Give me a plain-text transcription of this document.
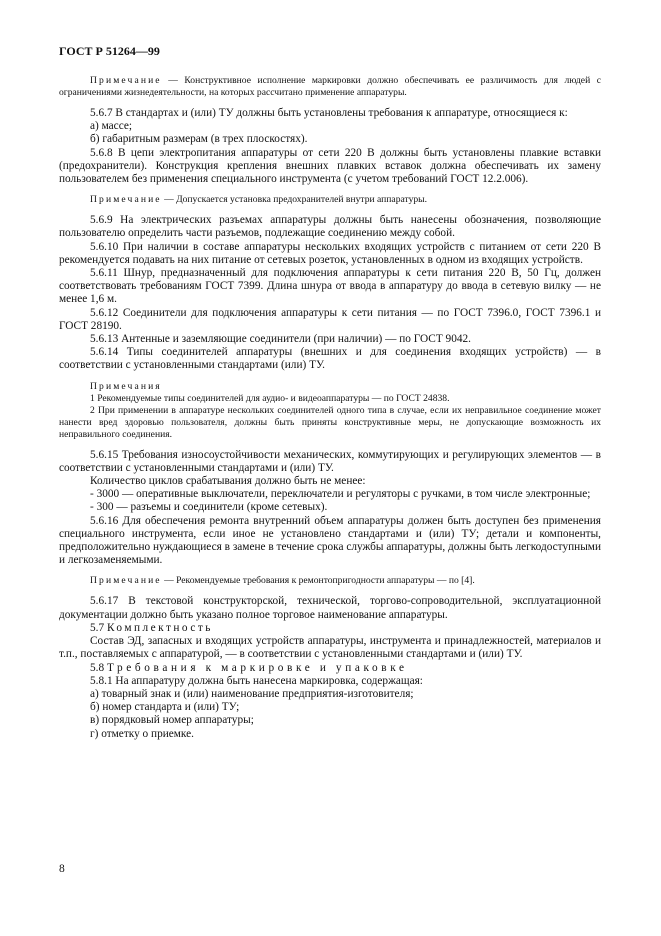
ГОСТ Р 51264—99

Примечание — Конструктивное исполнение маркировки должно обеспечивать ее различимость для людей с ограничениями жизнедеятельности, на которых рассчитано применение аппаратуры.

5.6.7 В стандартах и (или) ТУ должны быть установлены требования к аппаратуре, относящиеся к:

а) массе;

б) габаритным размерам (в трех плоскостях).

5.6.8 В цепи электропитания аппаратуры от сети 220 В должны быть установлены плавкие вставки (предохранители). Конструкция крепления внешних плавких вставок должна обеспечивать их замену пользователем без применения специального инструмента (с учетом требований ГОСТ 12.2.006).

Примечание — Допускается установка предохранителей внутри аппаратуры.

5.6.9 На электрических разъемах аппаратуры должны быть нанесены обозначения, позволяющие пользователю определить части разъемов, подлежащие соединению между собой.

5.6.10 При наличии в составе аппаратуры нескольких входящих устройств с питанием от сети 220 В рекомендуется подавать на них питание от сетевых розеток, установленных в одном из входящих устройств.

5.6.11 Шнур, предназначенный для подключения аппаратуры к сети питания 220 В, 50 Гц, должен соответствовать требованиям ГОСТ 7399. Длина шнура от ввода в аппаратуру до ввода в сетевую вилку — не менее 1,6 м.

5.6.12 Соединители для подключения аппаратуры к сети питания — по ГОСТ 7396.0, ГОСТ 7396.1 и ГОСТ 28190.

5.6.13 Антенные и заземляющие соединители (при наличии) — по ГОСТ 9042.

5.6.14 Типы соединителей аппаратуры (внешних и для соединения входящих устройств) — в соответствии с установленными стандартами (или) ТУ.

Примечания

1 Рекомендуемые типы соединителей для аудио- и видеоаппаратуры — по ГОСТ 24838.

2 При применении в аппаратуре нескольких соединителей одного типа в случае, если их неправильное соединение может нанести вред здоровью пользователя, должны быть приняты конструктивные меры, не допускающие возможность их неправильного соединения.

5.6.15 Требования износоустойчивости механических, коммутирующих и регулирующих элементов — в соответствии с установленными стандартами и (или) ТУ.

Количество циклов срабатывания должно быть не менее:

- 3000 — оперативные выключатели, переключатели и регуляторы с ручками, в том числе электронные;

- 300 — разъемы и соединители (кроме сетевых).

5.6.16 Для обеспечения ремонта внутренний объем аппаратуры должен быть доступен без применения специального инструмента, если иное не установлено стандартами и (или) ТУ; детали и компоненты, предположительно нуждающиеся в замене в течение срока службы аппаратуры, должны быть легкодоступными и легкозаменяемыми.

Примечание — Рекомендуемые требования к ремонтопригодности аппаратуры — по [4].

5.6.17 В текстовой конструкторской, технической, торгово-сопроводительной, эксплуатационной документации должно быть указано полное торговое наименование аппаратуры.

5.7 Комплектность

Состав ЭД, запасных и входящих устройств аппаратуры, инструмента и принадлежностей, материалов и т.п., поставляемых с аппаратурой, — в соответствии с установленными стандартами и (или) ТУ.

5.8 Требования к маркировке и упаковке

5.8.1 На аппаратуру должна быть нанесена маркировка, содержащая:

а) товарный знак и (или) наименование предприятия-изготовителя;

б) номер стандарта и (или) ТУ;

в) порядковый номер аппаратуры;

г) отметку о приемке.

8
